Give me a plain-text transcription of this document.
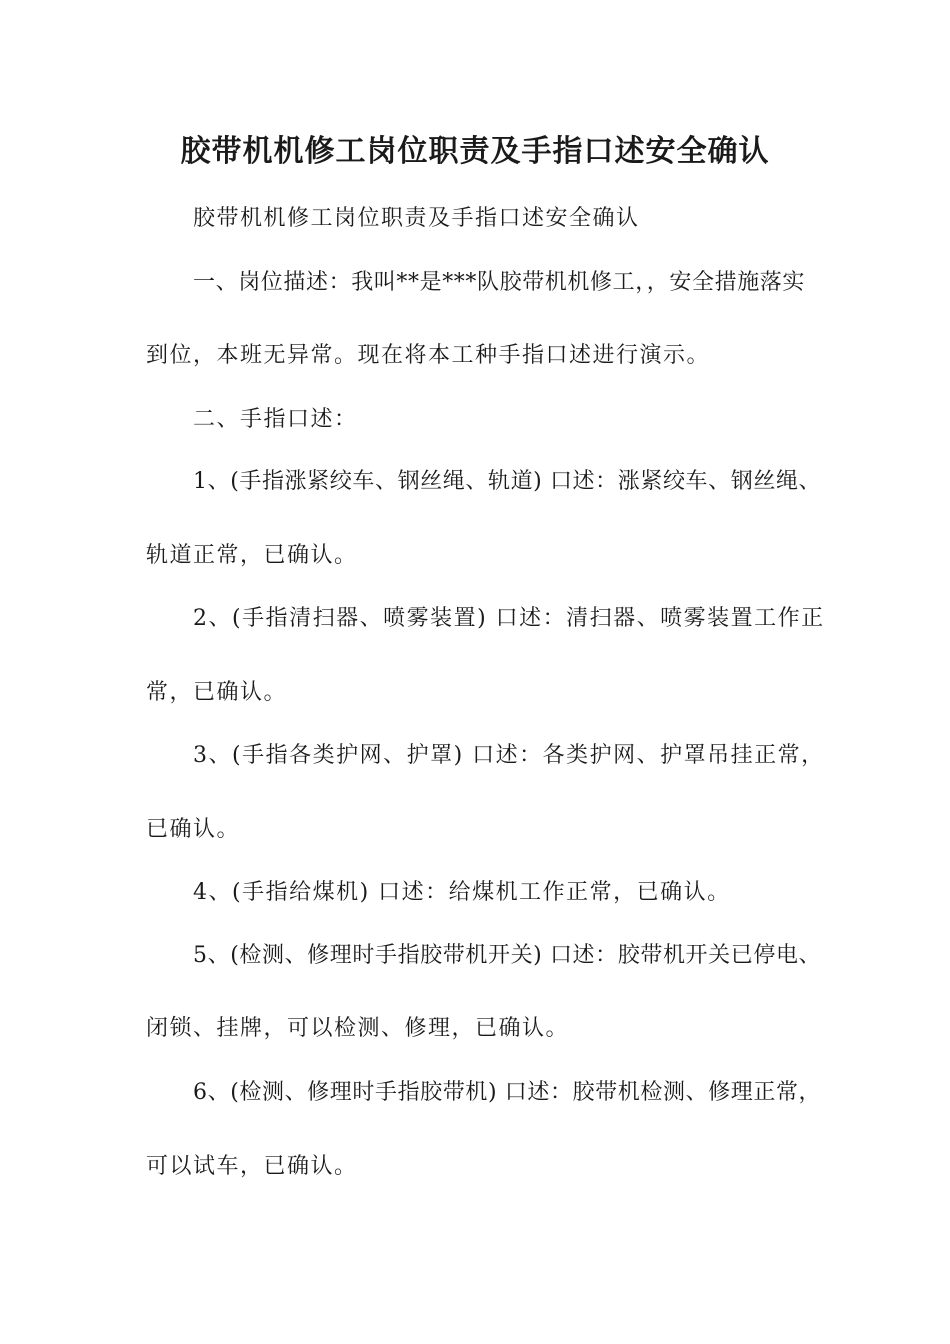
胶带机机修工岗位职责及手指口述安全确认
胶带机机修工岗位职责及手指口述安全确认
一、岗位描述：我叫**是***队胶带机机修工，，安全措施落实
到位，本班无异常。现在将本工种手指口述进行演示。
二、手指口述：
1、(手指涨紧绞车、钢丝绳、轨道) 口述：涨紧绞车、钢丝绳、
轨道正常，已确认。
2、(手指清扫器、喷雾装置) 口述：清扫器、喷雾装置工作正
常，已确认。
3、(手指各类护网、护罩) 口述：各类护网、护罩吊挂正常，
已确认。
4、(手指给煤机) 口述：给煤机工作正常，已确认。
5、(检测、修理时手指胶带机开关) 口述：胶带机开关已停电、
闭锁、挂牌，可以检测、修理，已确认。
6、(检测、修理时手指胶带机) 口述：胶带机检测、修理正常，
可以试车，已确认。
